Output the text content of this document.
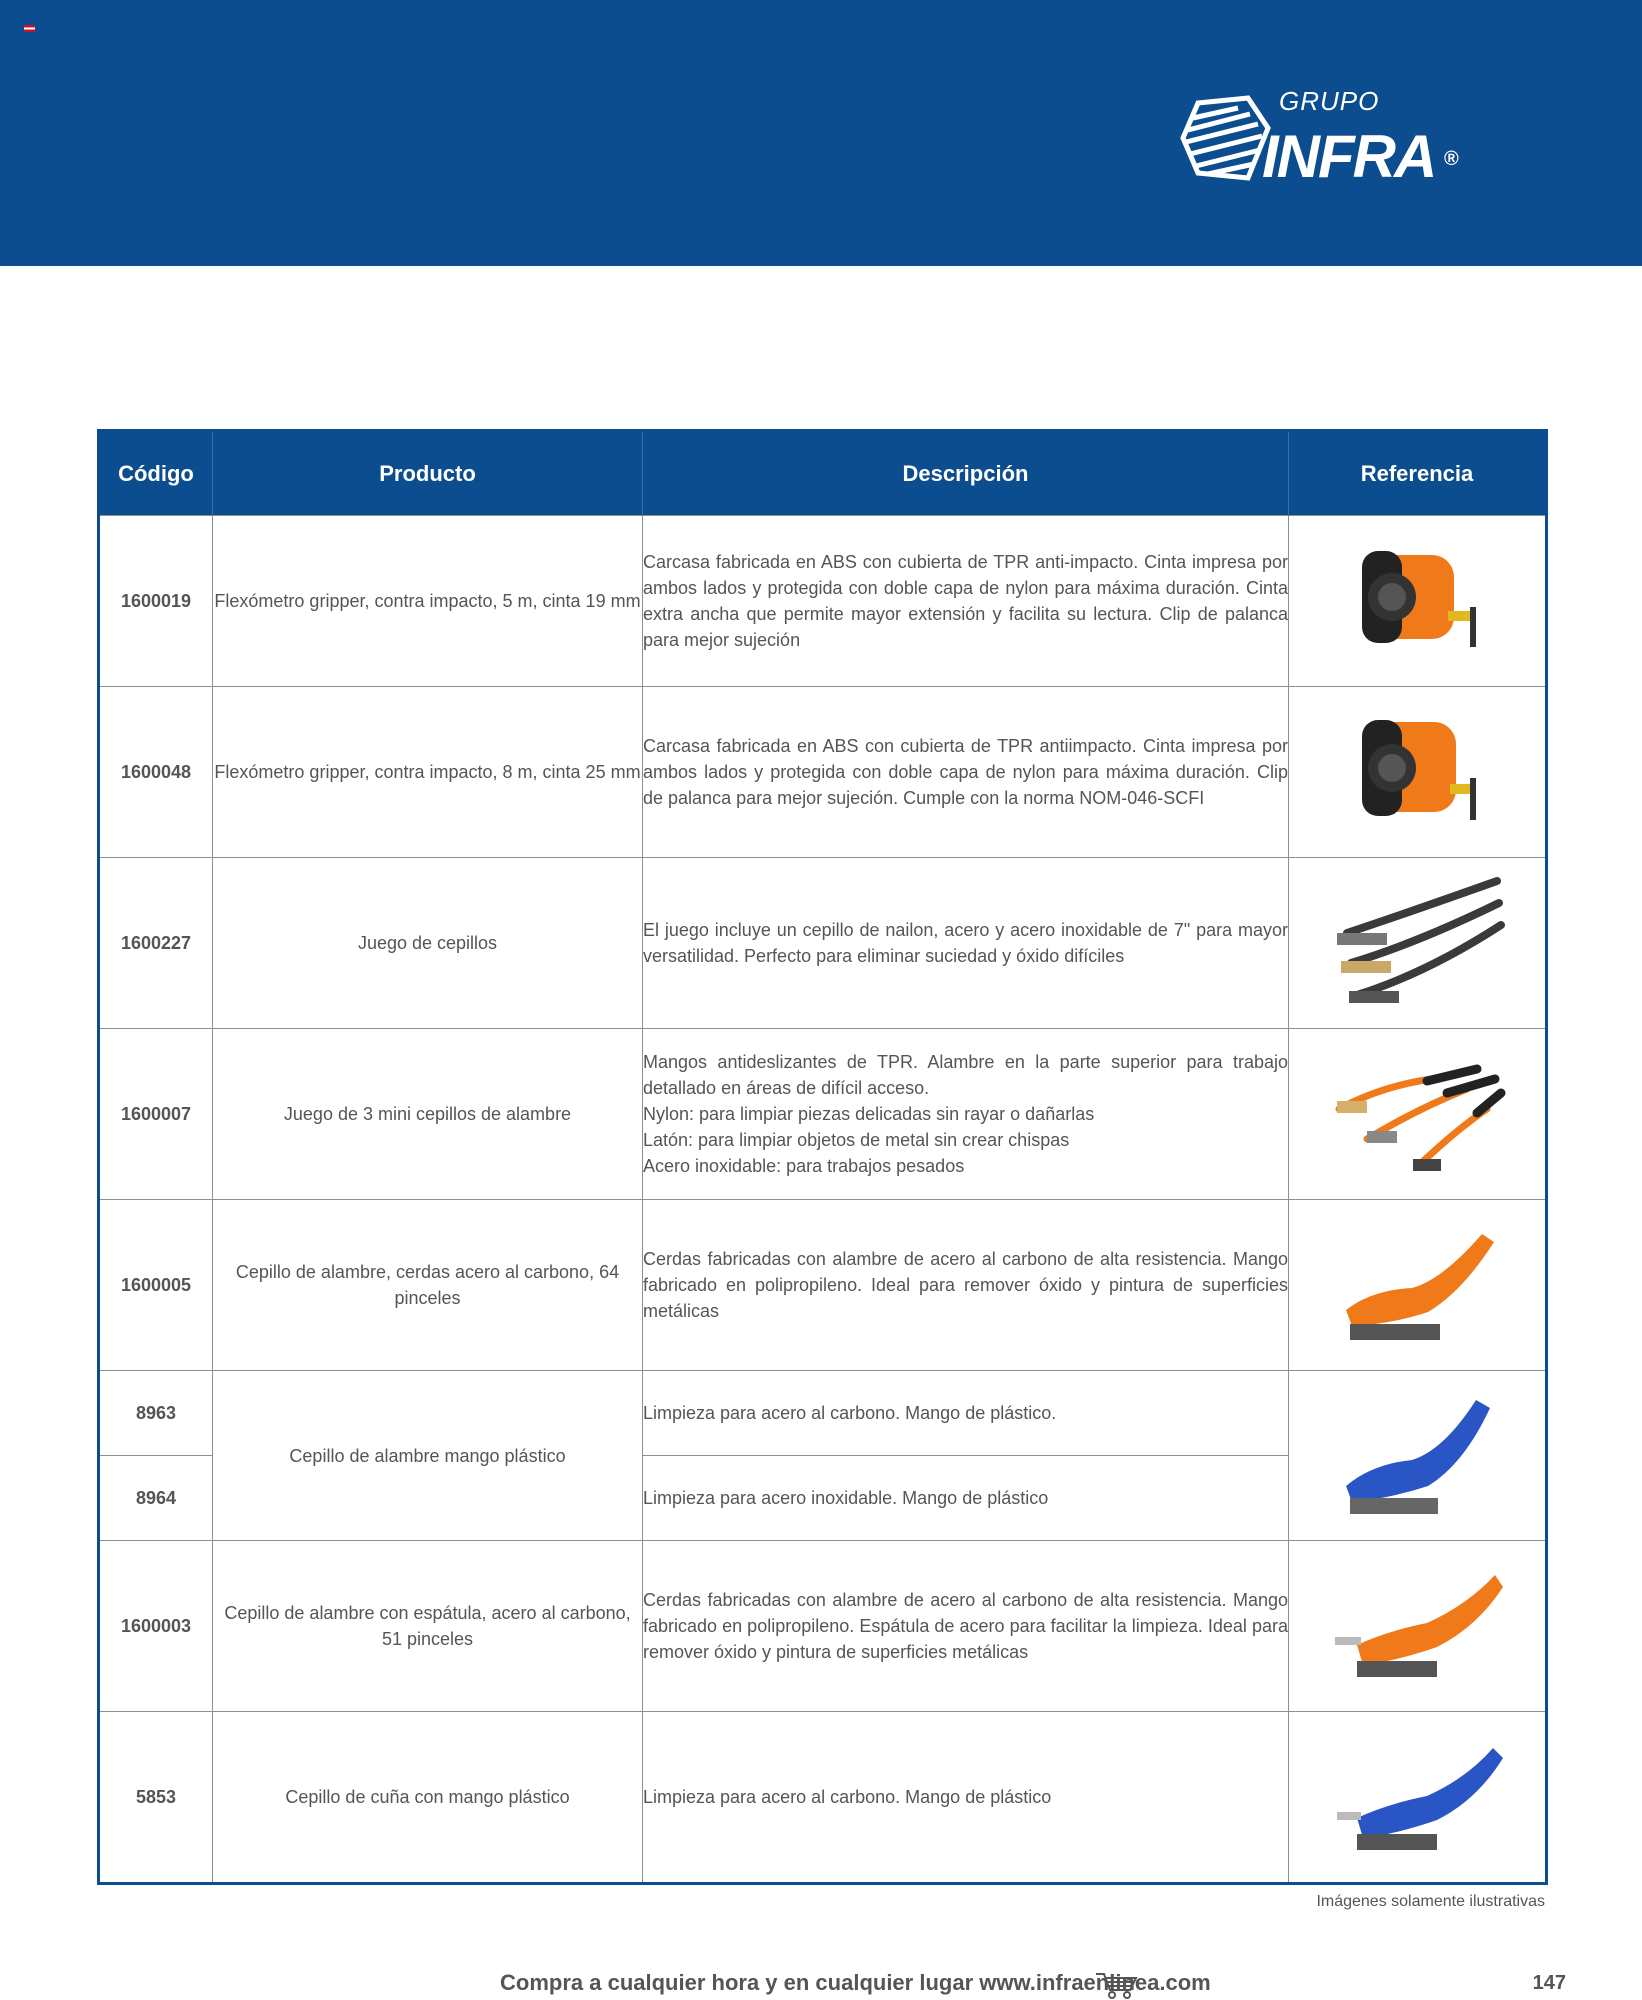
GRUPO
INFRA ®
Código	Producto	Descripción	Referencia
1600019	Flexómetro gripper, contra impacto, 5 m, cinta 19 mm	Carcasa fabricada en ABS con cubierta de TPR anti-impacto. Cinta impresa por ambos lados y protegida con doble capa de nylon para máxima duración. Cinta extra ancha que permite mayor extensión y facilita su lectura. Clip de palanca para mejor sujeción	

1600048	Flexómetro gripper, contra impacto, 8 m, cinta 25 mm	Carcasa fabricada en ABS con cubierta de TPR antiimpacto. Cinta impresa por ambos lados y protegida con doble capa de nylon para máxima duración. Clip de palanca para mejor sujeción. Cumple con la norma NOM-046-SCFI	

1600227	Juego de cepillos	El juego incluye un cepillo de nailon, acero y acero inoxidable de 7" para mayor versatilidad. Perfecto para eliminar suciedad y óxido difíciles	

1600007	Juego de 3 mini cepillos de alambre	Mangos antideslizantes de TPR. Alambre en la parte superior para trabajo detallado en áreas de difícil acceso.
Nylon: para limpiar piezas delicadas sin rayar o dañarlas
Latón: para limpiar objetos de metal sin crear chispas
Acero inoxidable: para trabajos pesados

1600005	Cepillo de alambre, cerdas acero al carbono, 64 pinceles	Cerdas fabricadas con alambre de acero al carbono de alta resistencia. Mango fabricado en polipropileno. Ideal para remover óxido y pintura de superficies metálicas	

8963	Cepillo de alambre mango plástico	Limpieza para acero al carbono. Mango de plástico.	

8964		Limpieza para acero inoxidable. Mango de plástico	
1600003	Cepillo de alambre con espátula, acero al carbono, 51 pinceles	Cerdas fabricadas con alambre de acero al carbono de alta resistencia. Mango fabricado en polipropileno. Espátula de acero para facilitar la limpieza. Ideal para remover óxido y pintura de superficies metálicas	

5853	Cepillo de cuña con mango plástico	Limpieza para acero al carbono. Mango de plástico	
Imágenes solamente ilustrativas
Compra a cualquier hora y en cualquier lugar www.infraenlinea.com	147
